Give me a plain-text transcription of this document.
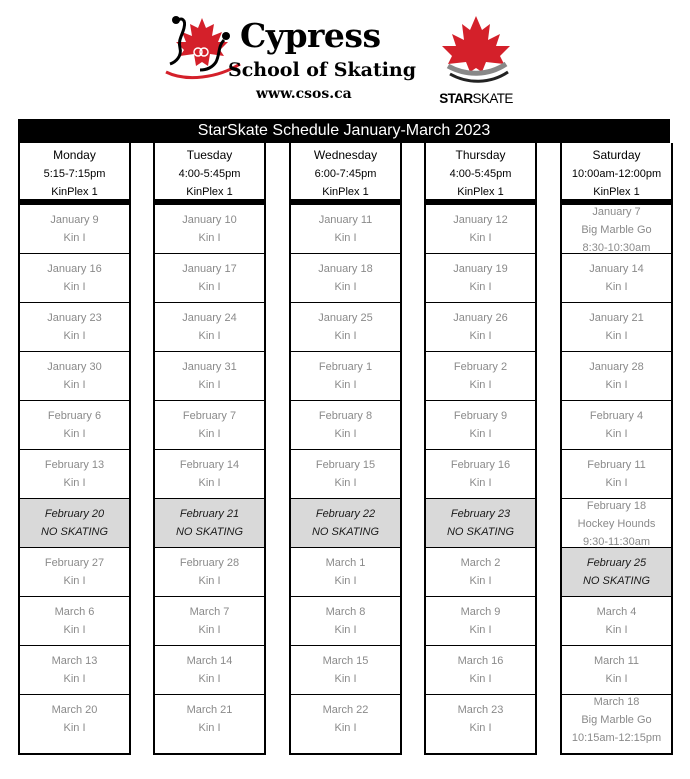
Cypress
School of Skating
www.csos.ca	STARSKATE
StarSkate Schedule January-March 2023
Monday
5:15-7:15pm
KinPlex 1
January 9
Kin I
January 16
Kin I
January 23
Kin I
January 30
Kin I
February 6
Kin I
February 13
Kin I
February 20
NO SKATING
February 27
Kin I
March 6
Kin I
March 13
Kin I
March 20
Kin I
Tuesday
4:00-5:45pm
KinPlex 1
January 10
Kin I
January 17
Kin I
January 24
Kin I
January 31
Kin I
February 7
Kin I
February 14
Kin I
February 21
NO SKATING
February 28
Kin I
March 7
Kin I
March 14
Kin I
March 21
Kin I
Wednesday
6:00-7:45pm
KinPlex 1
January 11
Kin I
January 18
Kin I
January 25
Kin I
February 1
Kin I
February 8
Kin I
February 15
Kin I
February 22
NO SKATING
March 1
Kin I
March 8
Kin I
March 15
Kin I
March 22
Kin I
Thursday
4:00-5:45pm
KinPlex 1
January 12
Kin I
January 19
Kin I
January 26
Kin I
February 2
Kin I
February 9
Kin I
February 16
Kin I
February 23
NO SKATING
March 2
Kin I
March 9
Kin I
March 16
Kin I
March 23
Kin I
Saturday
10:00am-12:00pm
KinPlex 1
January 7
Big Marble Go
8:30-10:30am
January 14
Kin I
January 21
Kin I
January 28
Kin I
February 4
Kin I
February 11
Kin I
February 18
Hockey Hounds
9:30-11:30am
February 25
NO SKATING
March 4
Kin I
March 11
Kin I
March 18
Big Marble Go
10:15am-12:15pm
